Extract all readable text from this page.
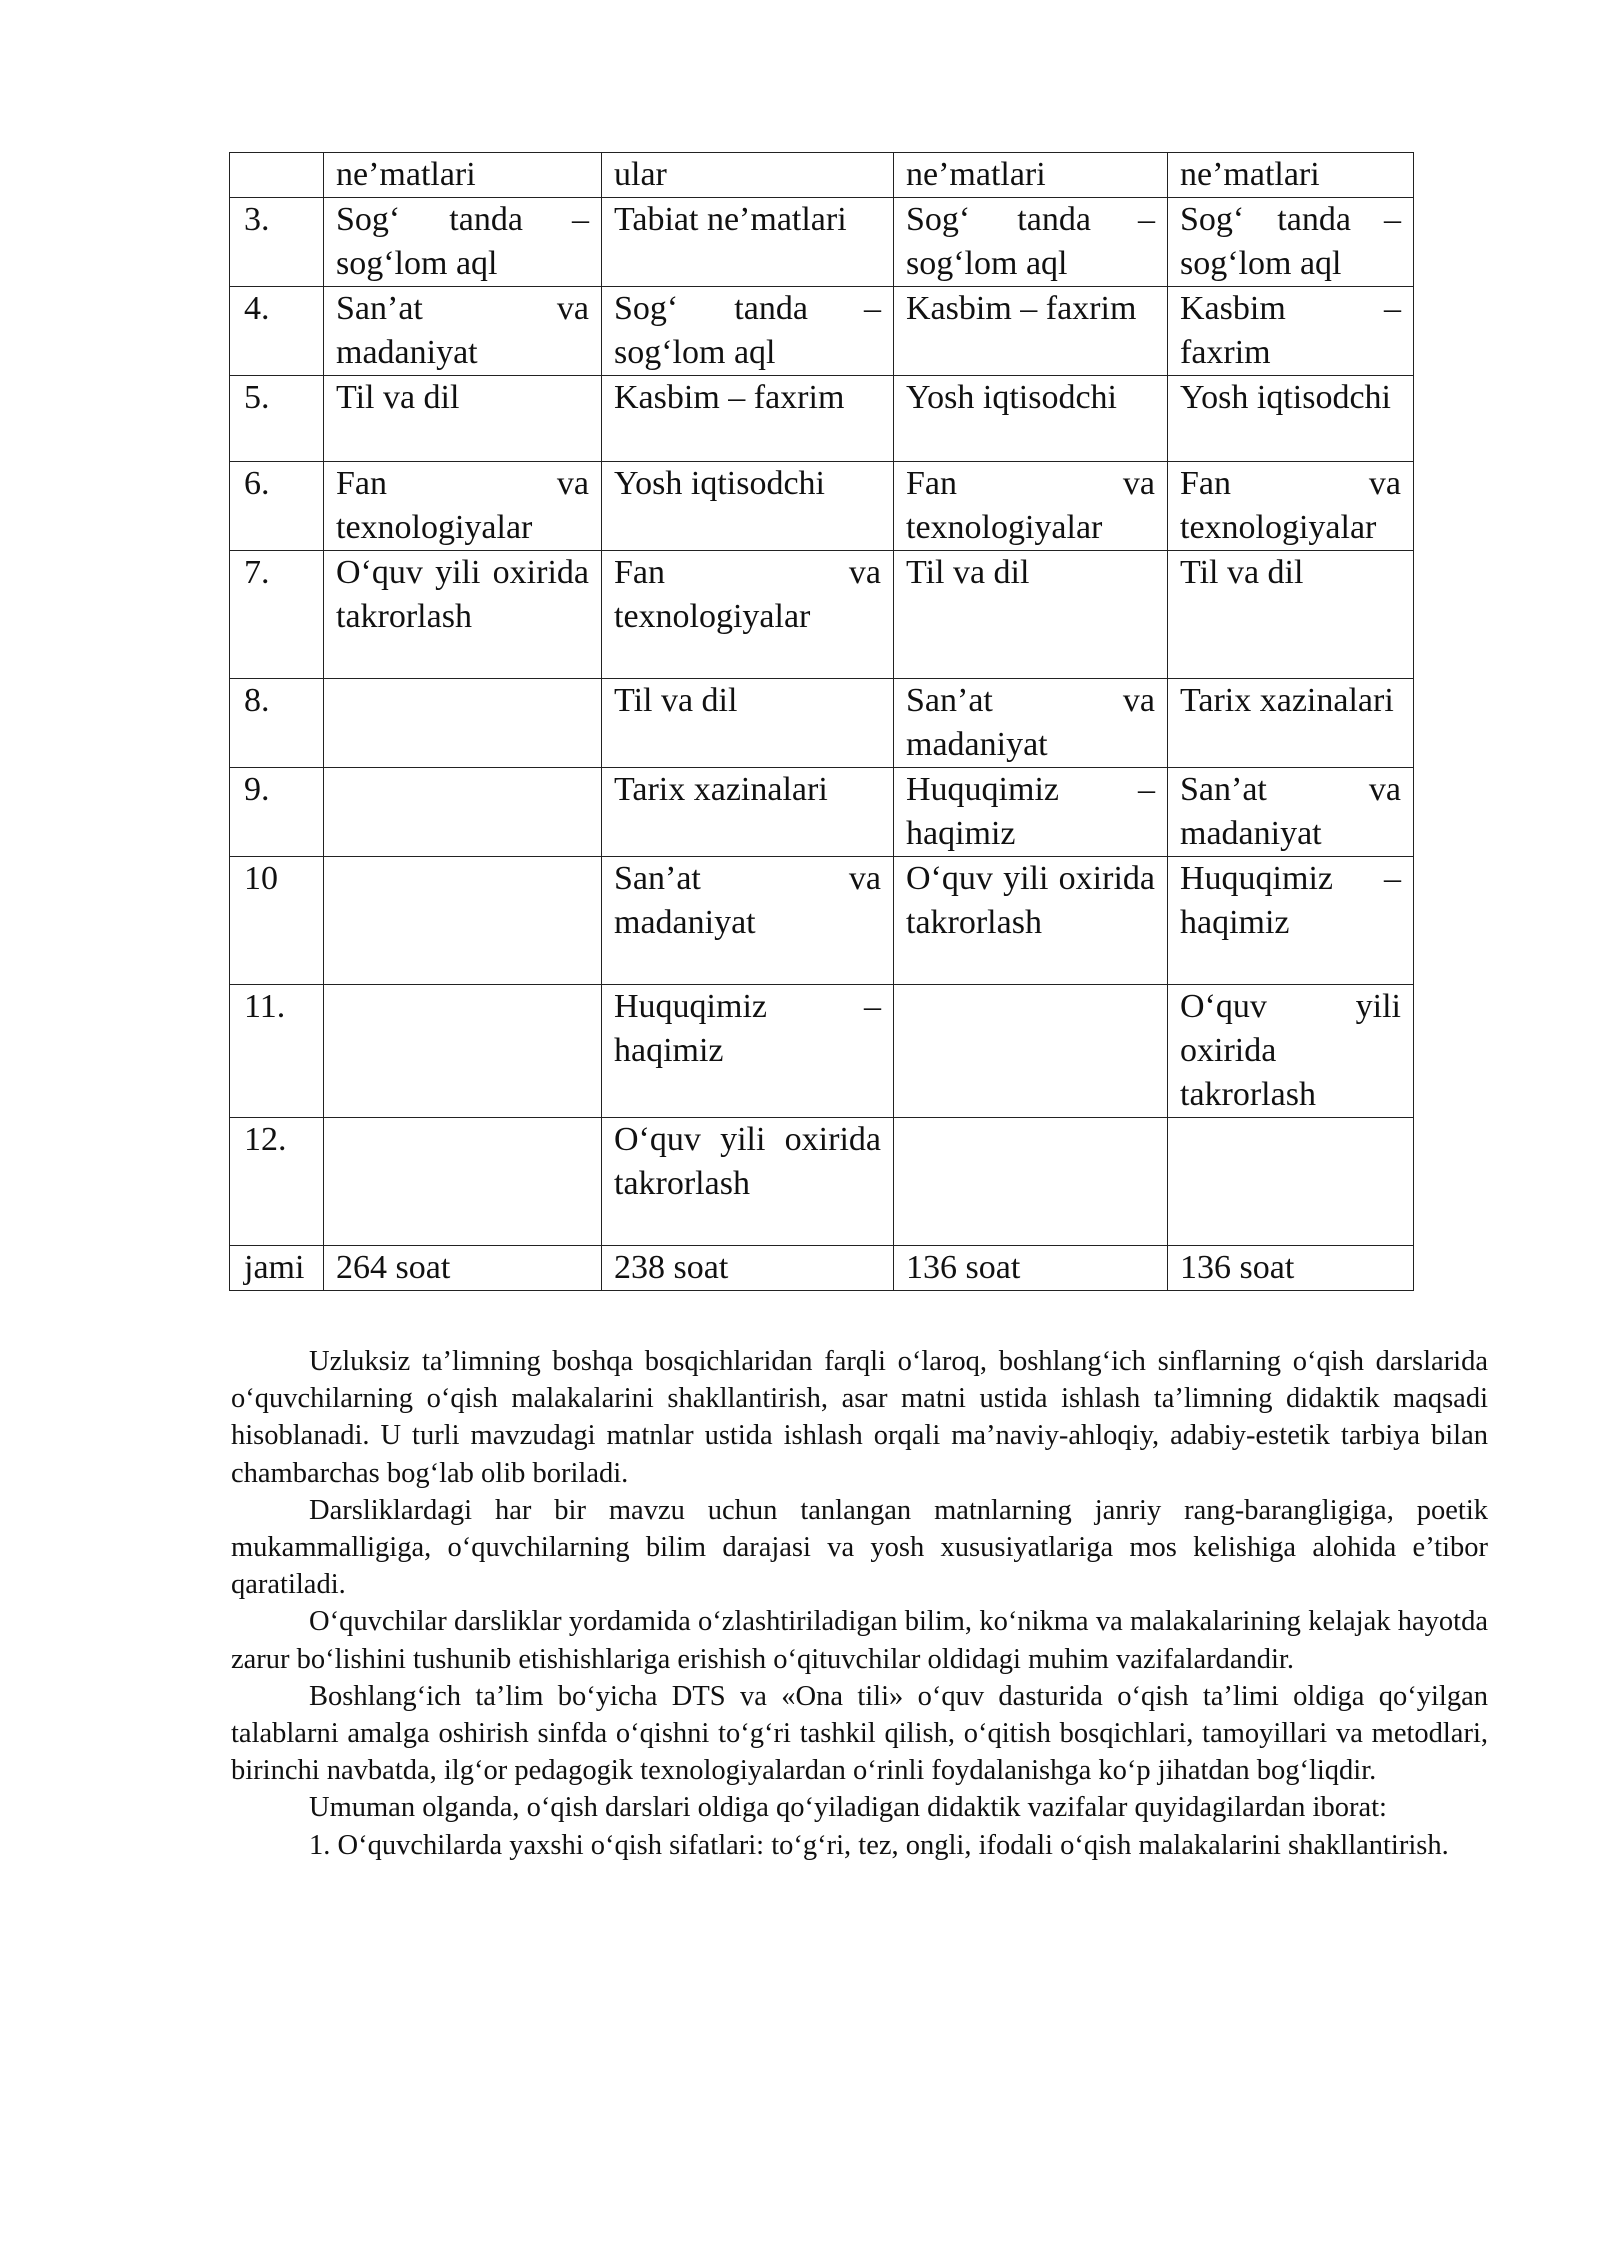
	ne’matlari	ular	ne’matlari	ne’matlari
3.	Sog‘ tanda – sog‘lom aql	Tabiat ne’matlari	Sog‘ tanda – sog‘lom aql	Sog‘ tanda – sog‘lom aql
4.	San’at va madaniyat	Sog‘ tanda – sog‘lom aql	Kasbim – faxrim	Kasbim – faxrim
5.	Til va dil	Kasbim – faxrim	Yosh iqtisodchi	Yosh iqtisodchi
6.	Fan va texnologiyalar	Yosh iqtisodchi	Fan va texnologiyalar	Fan va texnologiyalar
7.	O‘quv yili oxirida takrorlash	Fan va texnologiyalar	Til va dil	Til va dil
8.		Til va dil	San’at va madaniyat	Tarix xazinalari
9.		Tarix xazinalari	Huquqimiz – haqimiz	San’at va madaniyat
10		San’at va madaniyat	O‘quv yili oxirida takrorlash	Huquqimiz – haqimiz
11.		Huquqimiz – haqimiz		O‘quv yili oxirida takrorlash
12.		O‘quv yili oxirida takrorlash		
jami	264 soat	238 soat	136 soat	136 soat

Uzluksiz ta’limning boshqa bosqichlaridan farqli o‘laroq, boshlang‘ich sinflarning o‘qish darslarida o‘quvchilarning o‘qish malakalarini shakllantirish, asar matni ustida ishlash ta’limning didaktik maqsadi hisoblanadi. U turli mavzudagi matnlar ustida ishlash orqali ma’naviy-ahloqiy, adabiy-estetik tarbiya bilan chambarchas bog‘lab olib boriladi.

Darsliklardagi har bir mavzu uchun tanlangan matnlarning janriy rang-barangligiga, poetik mukammalligiga, o‘quvchilarning bilim darajasi va yosh xususiyatlariga mos kelishiga alohida e’tibor qaratiladi.

O‘quvchilar darsliklar yordamida o‘zlashtiriladigan bilim, ko‘nikma va malakalarining kelajak hayotda zarur bo‘lishini tushunib etishishlariga erishish o‘qituvchilar oldidagi muhim vazifalardandir.

Boshlang‘ich ta’lim bo‘yicha DTS va «Ona tili» o‘quv dasturida o‘qish ta’limi oldiga qo‘yilgan talablarni amalga oshirish sinfda o‘qishni to‘g‘ri tashkil qilish, o‘qitish bosqichlari, tamoyillari va metodlari, birinchi navbatda, ilg‘or pedagogik texnologiyalardan o‘rinli foydalanishga ko‘p jihatdan bog‘liqdir.

Umuman olganda, o‘qish darslari oldiga qo‘yiladigan didaktik vazifalar quyidagilardan iborat:

1. O‘quvchilarda yaxshi o‘qish sifatlari: to‘g‘ri, tez, ongli, ifodali o‘qish malakalarini shakllantirish.
